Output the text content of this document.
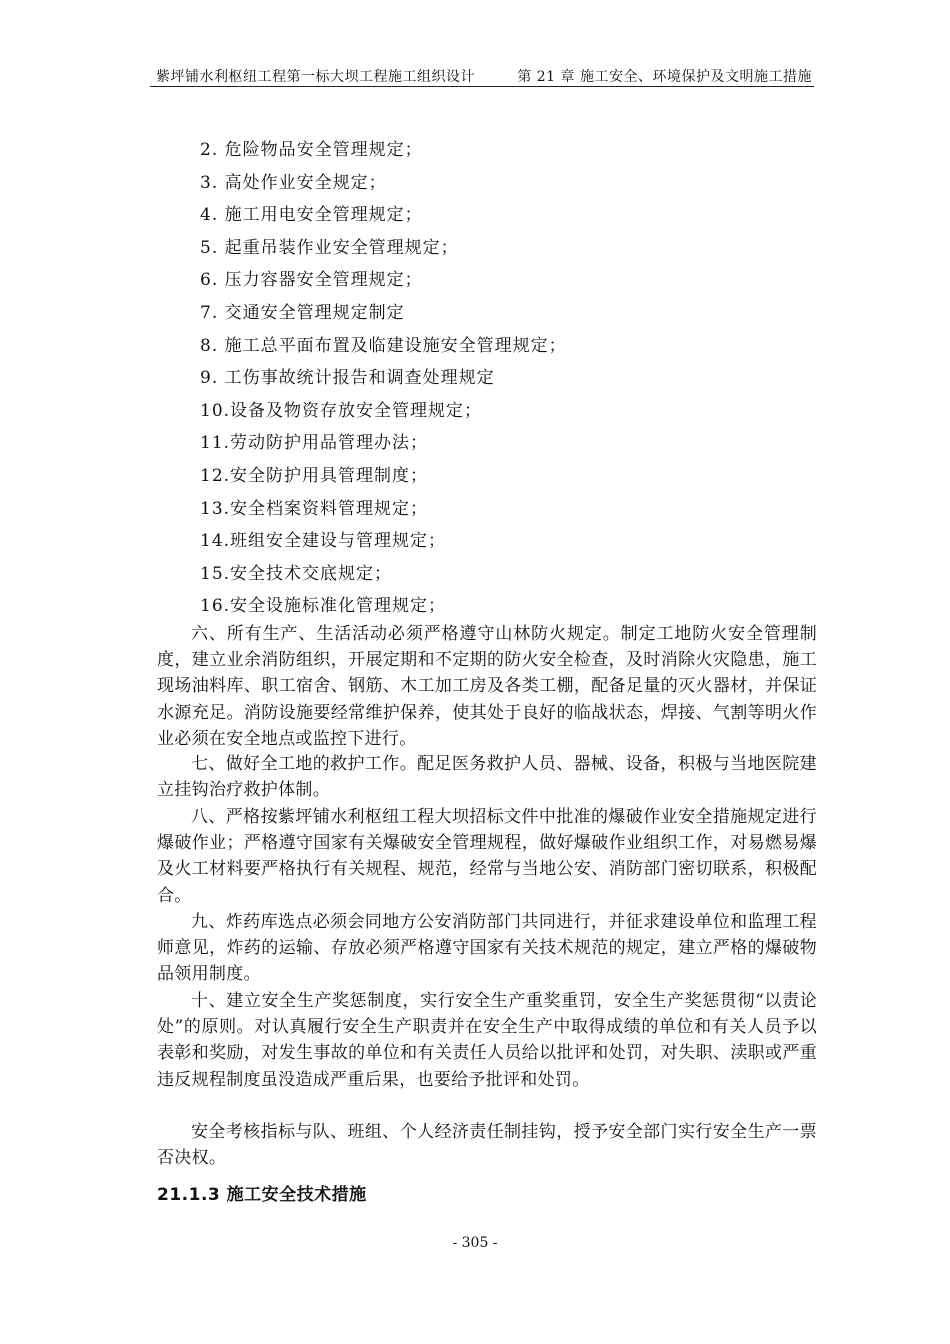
紫坪铺水利枢纽工程第一标大坝工程施工组织设计	第 21 章 施工安全、环境保护及文明施工措施
2. 危险物品安全管理规定；
3. 高处作业安全规定；
4. 施工用电安全管理规定；
5. 起重吊装作业安全管理规定；
6. 压力容器安全管理规定；
7. 交通安全管理规定制定
8. 施工总平面布置及临建设施安全管理规定；
9. 工伤事故统计报告和调查处理规定
10.设备及物资存放安全管理规定；
11.劳动防护用品管理办法；
12.安全防护用具管理制度；
13.安全档案资料管理规定；
14.班组安全建设与管理规定；
15.安全技术交底规定；
16.安全设施标准化管理规定；

六、所有生产、生活活动必须严格遵守山林防火规定。制定工地防火安全管理制度，建立业余消防组织，开展定期和不定期的防火安全检查，及时消除火灾隐患，施工现场油料库、职工宿舍、钢筋、木工加工房及各类工棚，配备足量的灭火器材，并保证水源充足。消防设施要经常维护保养，使其处于良好的临战状态，焊接、气割等明火作业必须在安全地点或监控下进行。

七、做好全工地的救护工作。配足医务救护人员、器械、设备，积极与当地医院建立挂钩治疗救护体制。

八、严格按紫坪铺水利枢纽工程大坝招标文件中批准的爆破作业安全措施规定进行爆破作业；严格遵守国家有关爆破安全管理规程，做好爆破作业组织工作，对易燃易爆及火工材料要严格执行有关规程、规范，经常与当地公安、消防部门密切联系，积极配合。

九、炸药库选点必须会同地方公安消防部门共同进行，并征求建设单位和监理工程师意见，炸药的运输、存放必须严格遵守国家有关技术规范的规定，建立严格的爆破物品领用制度。

十、建立安全生产奖惩制度，实行安全生产重奖重罚，安全生产奖惩贯彻“以责论处”的原则。对认真履行安全生产职责并在安全生产中取得成绩的单位和有关人员予以表彰和奖励，对发生事故的单位和有关责任人员给以批评和处罚，对失职、渎职或严重违反规程制度虽没造成严重后果，也要给予批评和处罚。

安全考核指标与队、班组、个人经济责任制挂钩，授予安全部门实行安全生产一票否决权。

21.1.3 施工安全技术措施
- 305 -
